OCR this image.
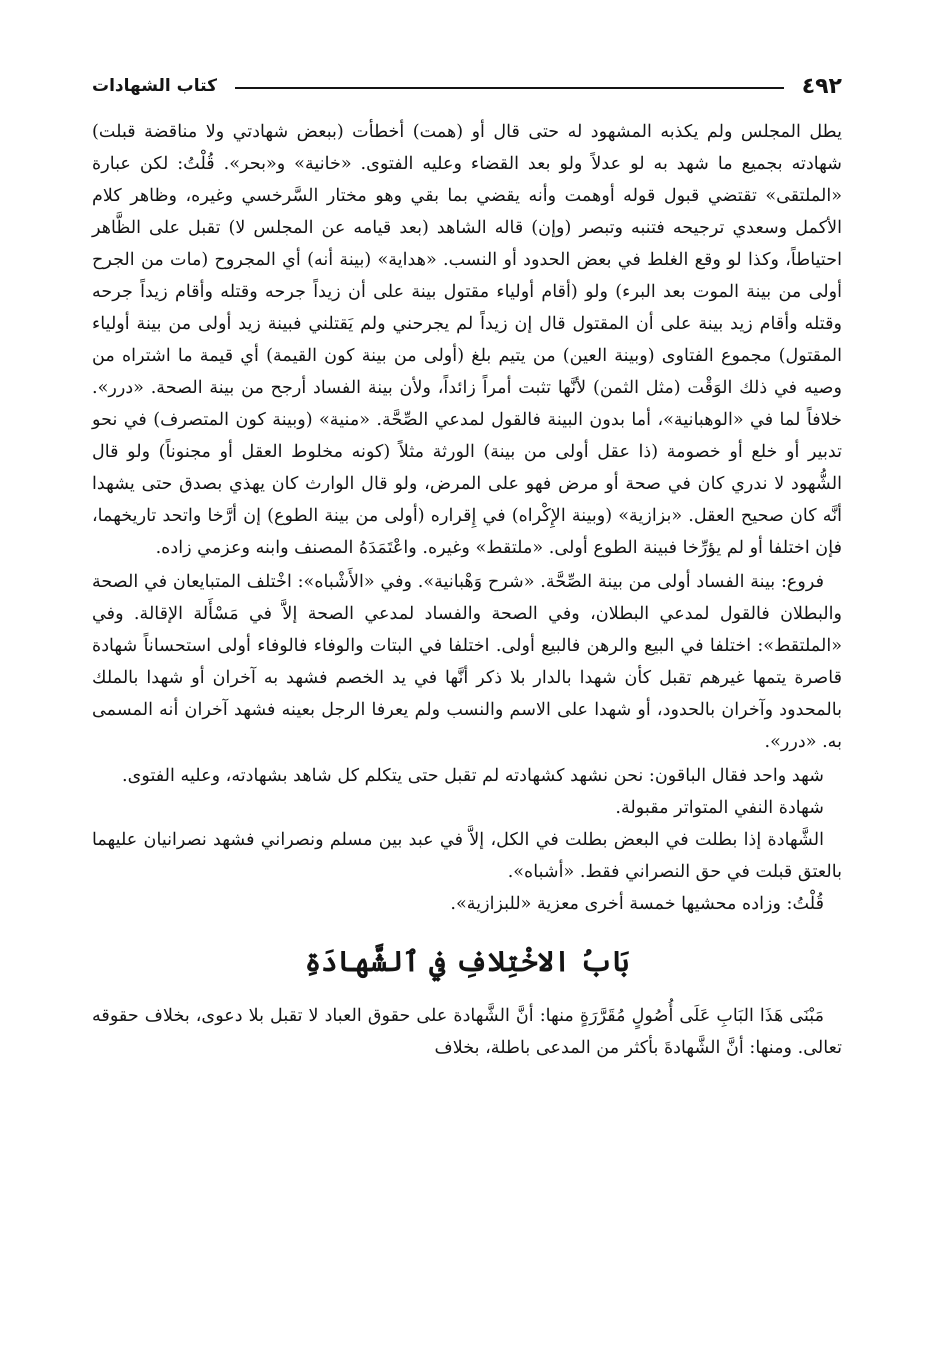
٤٩٢
كتاب الشهادات

يطل المجلس ولم يكذبه المشهود له حتى قال أو (همت) أخطأت (ببعض شهادتي ولا مناقضة قبلت) شهادته بجميع ما شهد به لو عدلاً ولو بعد القضاء وعليه الفتوى. «خانية» و«بحر». قُلْتُ: لكن عبارة «الملتقى» تقتضي قبول قوله أوهمت وأنه يقضي بما بقي وهو مختار السَّرخسي وغيره، وظاهر كلام الأكمل وسعدي ترجيحه فتنبه وتبصر (وإن) قاله الشاهد (بعد قيامه عن المجلس لا) تقبل على الظَّاهر احتياطاً، وكذا لو وقع الغلط في بعض الحدود أو النسب. «هداية» (بينة أنه) أي المجروح (مات من الجرح أولى من بينة الموت بعد البرء) ولو (أقام أولياء مقتول بينة على أن زيداً جرحه وقتله وأقام زيداً جرحه وقتله وأقام زيد بينة على أن المقتول قال إن زيداً لم يجرحني ولم يَقتلني فبينة زيد أولى من بينة أولياء المقتول) مجموع الفتاوى (وبينة العين) من يتيم بلغ (أولى من بينة كون القيمة) أي قيمة ما اشتراه من وصيه في ذلك الوَقْت (مثل الثمن) لأنَّها تثبت أمراً زائداً، ولأن بينة الفساد أرجح من بينة الصحة. «درر». خلافاً لما في «الوهبانية»، أما بدون البينة فالقول لمدعي الصِّحَّة. «منية» (وبينة كون المتصرف) في نحو تدبير أو خلع أو خصومة (ذا عقل أولى من بينة) الورثة مثلاً (كونه مخلوط العقل أو مجنوناً) ولو قال الشُّهود لا ندري كان في صحة أو مرض فهو على المرض، ولو قال الوارث كان يهذي بصدق حتى يشهدا أنَّه كان صحيح العقل. «بزازية» (وبينة الإِكْراه) في إِقراره (أولى من بينة الطوع) إن أرَّخا واتحد تاريخهما، فإن اختلفا أو لم يؤرِّخا فبينة الطوع أولى. «ملتقط» وغيره. واعْتَمَدَهُ المصنف وابنه وعزمي زاده.

فروع: بينة الفساد أولى من بينة الصِّحَّة. «شرح وَهْبانية». وفي «الأَشْباه»: اخْتلف المتبايعان في الصحة والبطلان فالقول لمدعي البطلان، وفي الصحة والفساد لمدعي الصحة إلاَّ في مَسْأَلة الإقالة. وفي «الملتقط»: اختلفا في البيع والرهن فالبيع أولى. اختلفا في البتات والوفاء فالوفاء أولى استحساناً شهادة قاصرة يتمها غيرهم تقبل كأن شهدا بالدار بلا ذكر أنَّها في يد الخصم فشهد به آخران أو شهدا بالملك بالمحدود وآخران بالحدود، أو شهدا على الاسم والنسب ولم يعرفا الرجل بعينه فشهد آخران أنه المسمى به. «درر».

شهد واحد فقال الباقون: نحن نشهد كشهادته لم تقبل حتى يتكلم كل شاهد بشهادته، وعليه الفتوى.

شهادة النفي المتواتر مقبولة.

الشَّهادة إذا بطلت في البعض بطلت في الكل، إلاَّ في عبد بين مسلم ونصراني فشهد نصرانيان عليهما بالعتق قبلت في حق النصراني فقط. «أشباه».

قُلْتُ: وزاده محشيها خمسة أخرى معزية «للبزازية».

بَابُ الاخْتِلافِ في ٱلشَّهادَةِ

مَبْنَى هَذَا البَابِ عَلَى أُصُولٍ مُقَرَّرَةٍ منها: أنَّ الشَّهادة على حقوق العباد لا تقبل بلا دعوى، بخلاف حقوقه تعالى. ومنها: أنَّ الشَّهادةَ بأكثر من المدعى باطلة، بخلاف
